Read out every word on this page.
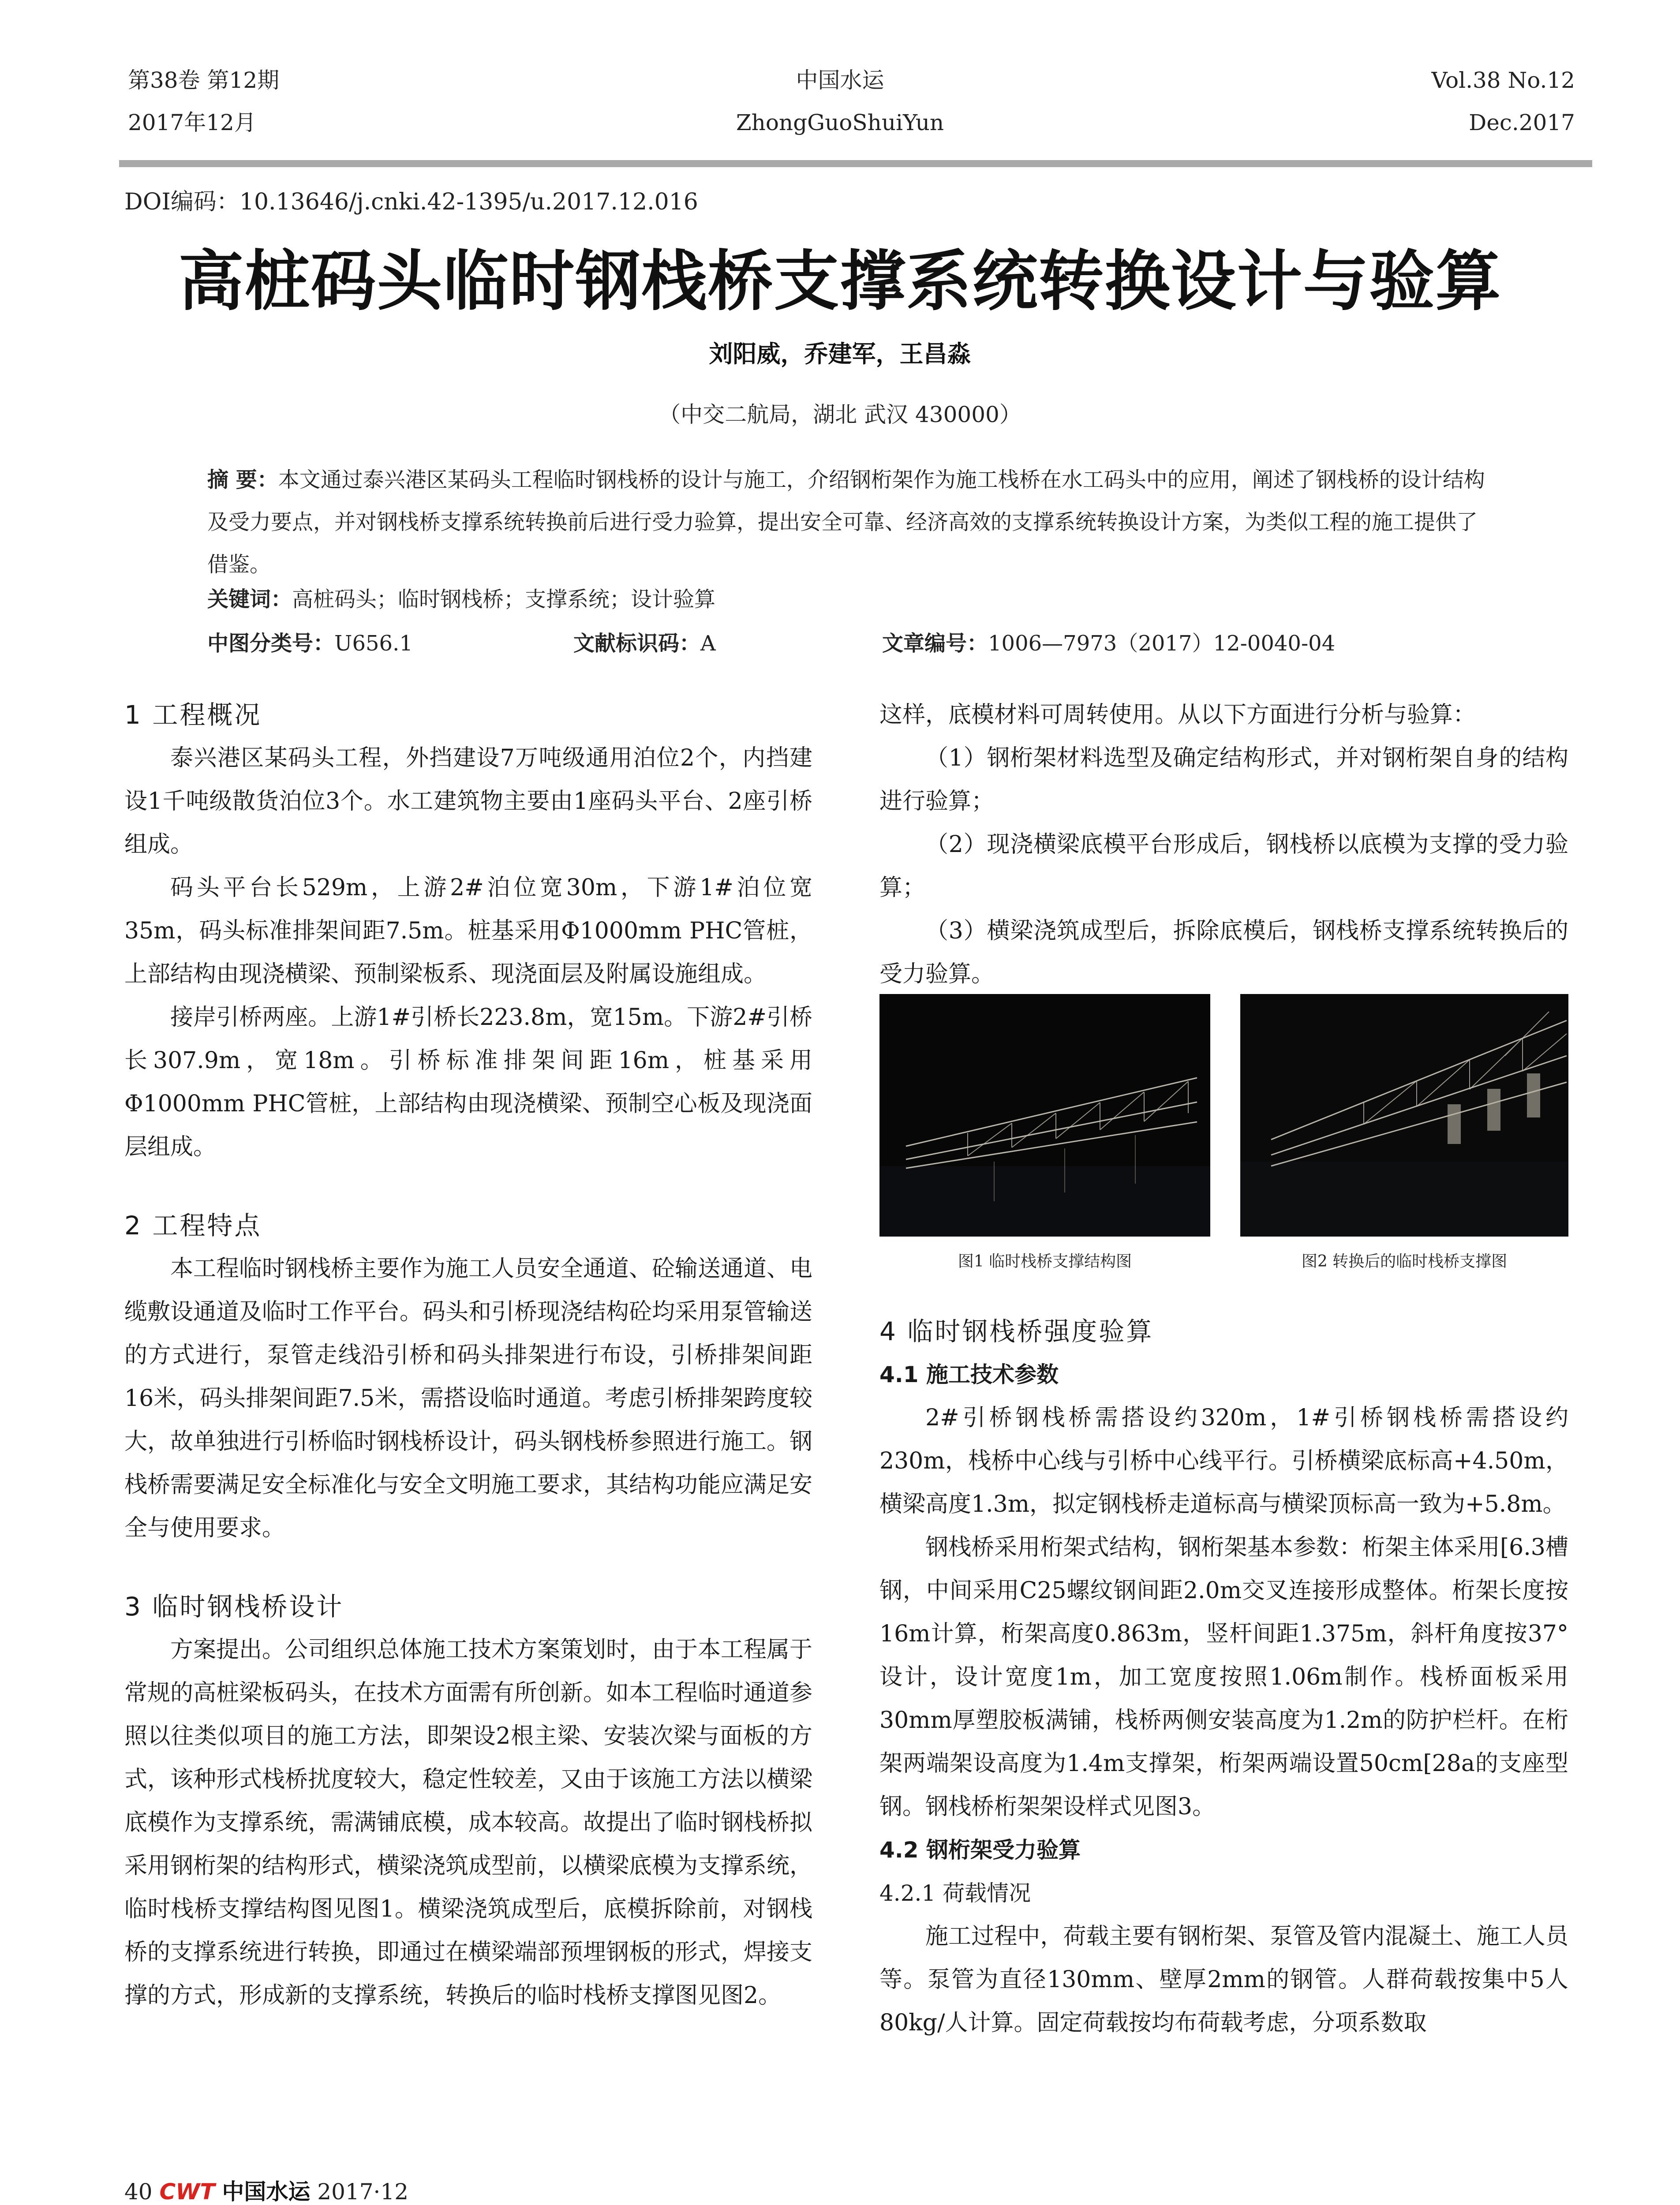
第38卷 第12期
2017年12月
中国水运
ZhongGuoShuiYun
Vol.38 No.12
Dec.2017
DOI编码：10.13646/j.cnki.42-1395/u.2017.12.016
高桩码头临时钢栈桥支撑系统转换设计与验算
刘阳威，乔建军，王昌淼
（中交二航局，湖北 武汉 430000）
摘 要：本文通过泰兴港区某码头工程临时钢栈桥的设计与施工，介绍钢桁架作为施工栈桥在水工码头中的应用，阐述了钢栈桥的设计结构及受力要点，并对钢栈桥支撑系统转换前后进行受力验算，提出安全可靠、经济高效的支撑系统转换设计方案，为类似工程的施工提供了借鉴。
关键词：高桩码头；临时钢栈桥；支撑系统；设计验算
中图分类号：U656.1	文献标识码：A	文章编号：1006—7973（2017）12-0040-04

1 工程概况

泰兴港区某码头工程，外挡建设7万吨级通用泊位2个，内挡建设1千吨级散货泊位3个。水工建筑物主要由1座码头平台、2座引桥组成。

码头平台长529m，上游2#泊位宽30m，下游1#泊位宽35m，码头标准排架间距7.5m。桩基采用Φ1000mm PHC管桩，上部结构由现浇横梁、预制梁板系、现浇面层及附属设施组成。

接岸引桥两座。上游1#引桥长223.8m，宽15m。下游2#引桥长307.9m，宽18m。引桥标准排架间距16m，桩基采用Φ1000mm PHC管桩，上部结构由现浇横梁、预制空心板及现浇面层组成。

2 工程特点

本工程临时钢栈桥主要作为施工人员安全通道、砼输送通道、电缆敷设通道及临时工作平台。码头和引桥现浇结构砼均采用泵管输送的方式进行，泵管走线沿引桥和码头排架进行布设，引桥排架间距16米，码头排架间距7.5米，需搭设临时通道。考虑引桥排架跨度较大，故单独进行引桥临时钢栈桥设计，码头钢栈桥参照进行施工。钢栈桥需要满足安全标准化与安全文明施工要求，其结构功能应满足安全与使用要求。

3 临时钢栈桥设计

方案提出。公司组织总体施工技术方案策划时，由于本工程属于常规的高桩梁板码头，在技术方面需有所创新。如本工程临时通道参照以往类似项目的施工方法，即架设2根主梁、安装次梁与面板的方式，该种形式栈桥扰度较大，稳定性较差，又由于该施工方法以横梁底模作为支撑系统，需满铺底模，成本较高。故提出了临时钢栈桥拟采用钢桁架的结构形式，横梁浇筑成型前，以横梁底模为支撑系统，临时栈桥支撑结构图见图1。横梁浇筑成型后，底模拆除前，对钢栈桥的支撑系统进行转换，即通过在横梁端部预埋钢板的形式，焊接支撑的方式，形成新的支撑系统，转换后的临时栈桥支撑图见图2。

这样，底模材料可周转使用。从以下方面进行分析与验算：

（1）钢桁架材料选型及确定结构形式，并对钢桁架自身的结构进行验算；

（2）现浇横梁底模平台形成后，钢栈桥以底模为支撑的受力验算；

（3）横梁浇筑成型后，拆除底模后，钢栈桥支撑系统转换后的受力验算。

图1 临时栈桥支撑结构图	图2 转换后的临时栈桥支撑图

4 临时钢栈桥强度验算

4.1 施工技术参数

2#引桥钢栈桥需搭设约320m，1#引桥钢栈桥需搭设约230m，栈桥中心线与引桥中心线平行。引桥横梁底标高+4.50m，横梁高度1.3m，拟定钢栈桥走道标高与横梁顶标高一致为+5.8m。

钢栈桥采用桁架式结构，钢桁架基本参数：桁架主体采用[6.3槽钢，中间采用C25螺纹钢间距2.0m交叉连接形成整体。桁架长度按16m计算，桁架高度0.863m，竖杆间距1.375m，斜杆角度按37°设计，设计宽度1m，加工宽度按照1.06m制作。栈桥面板采用30mm厚塑胶板满铺，栈桥两侧安装高度为1.2m的防护栏杆。在桁架两端架设高度为1.4m支撑架，桁架两端设置50cm[28a的支座型钢。钢栈桥桁架架设样式见图3。

4.2 钢桁架受力验算

4.2.1 荷载情况

施工过程中，荷载主要有钢桁架、泵管及管内混凝土、施工人员等。泵管为直径130mm、壁厚2mm的钢管。人群荷载按集中5人80kg/人计算。固定荷载按均布荷载考虑，分项系数取

40 CWT 中国水运 2017·12
